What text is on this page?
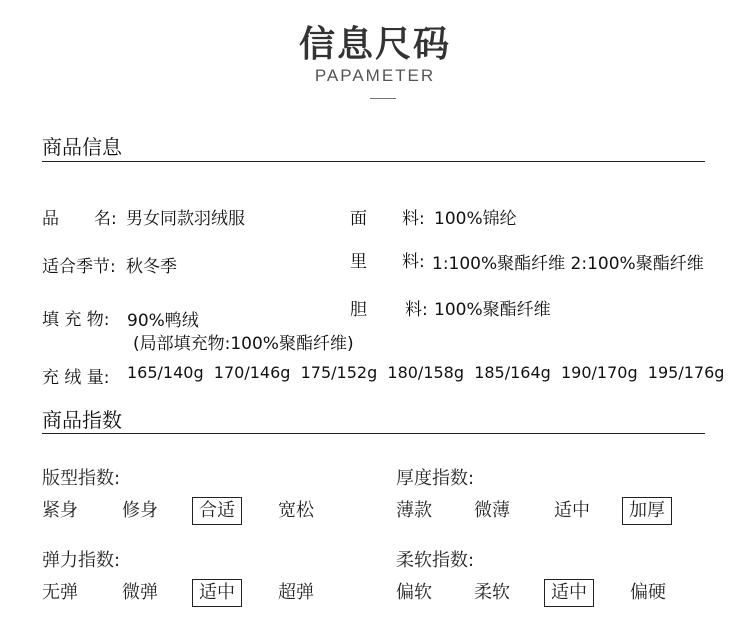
信息尺码
PAPAMETER
商品信息
品 名: 男女同款羽绒服	面 料: 100%锦纶
适合季节: 秋冬季	里 料: 1:100%聚酯纤维 2:100%聚酯纤维
填 充 物: 90%鸭绒
(局部填充物:100%聚酯纤维)
胆 料: 100%聚酯纤维
充 绒 量: 165/140g  170/146g  175/152g  180/158g  185/164g  190/170g  195/176g
商品指数
版型指数:
紧身	修身	合适	宽松
厚度指数:
薄款	微薄	适中	加厚
弹力指数:
无弹	微弹	适中	超弹
柔软指数:
偏软	柔软	适中	偏硬
